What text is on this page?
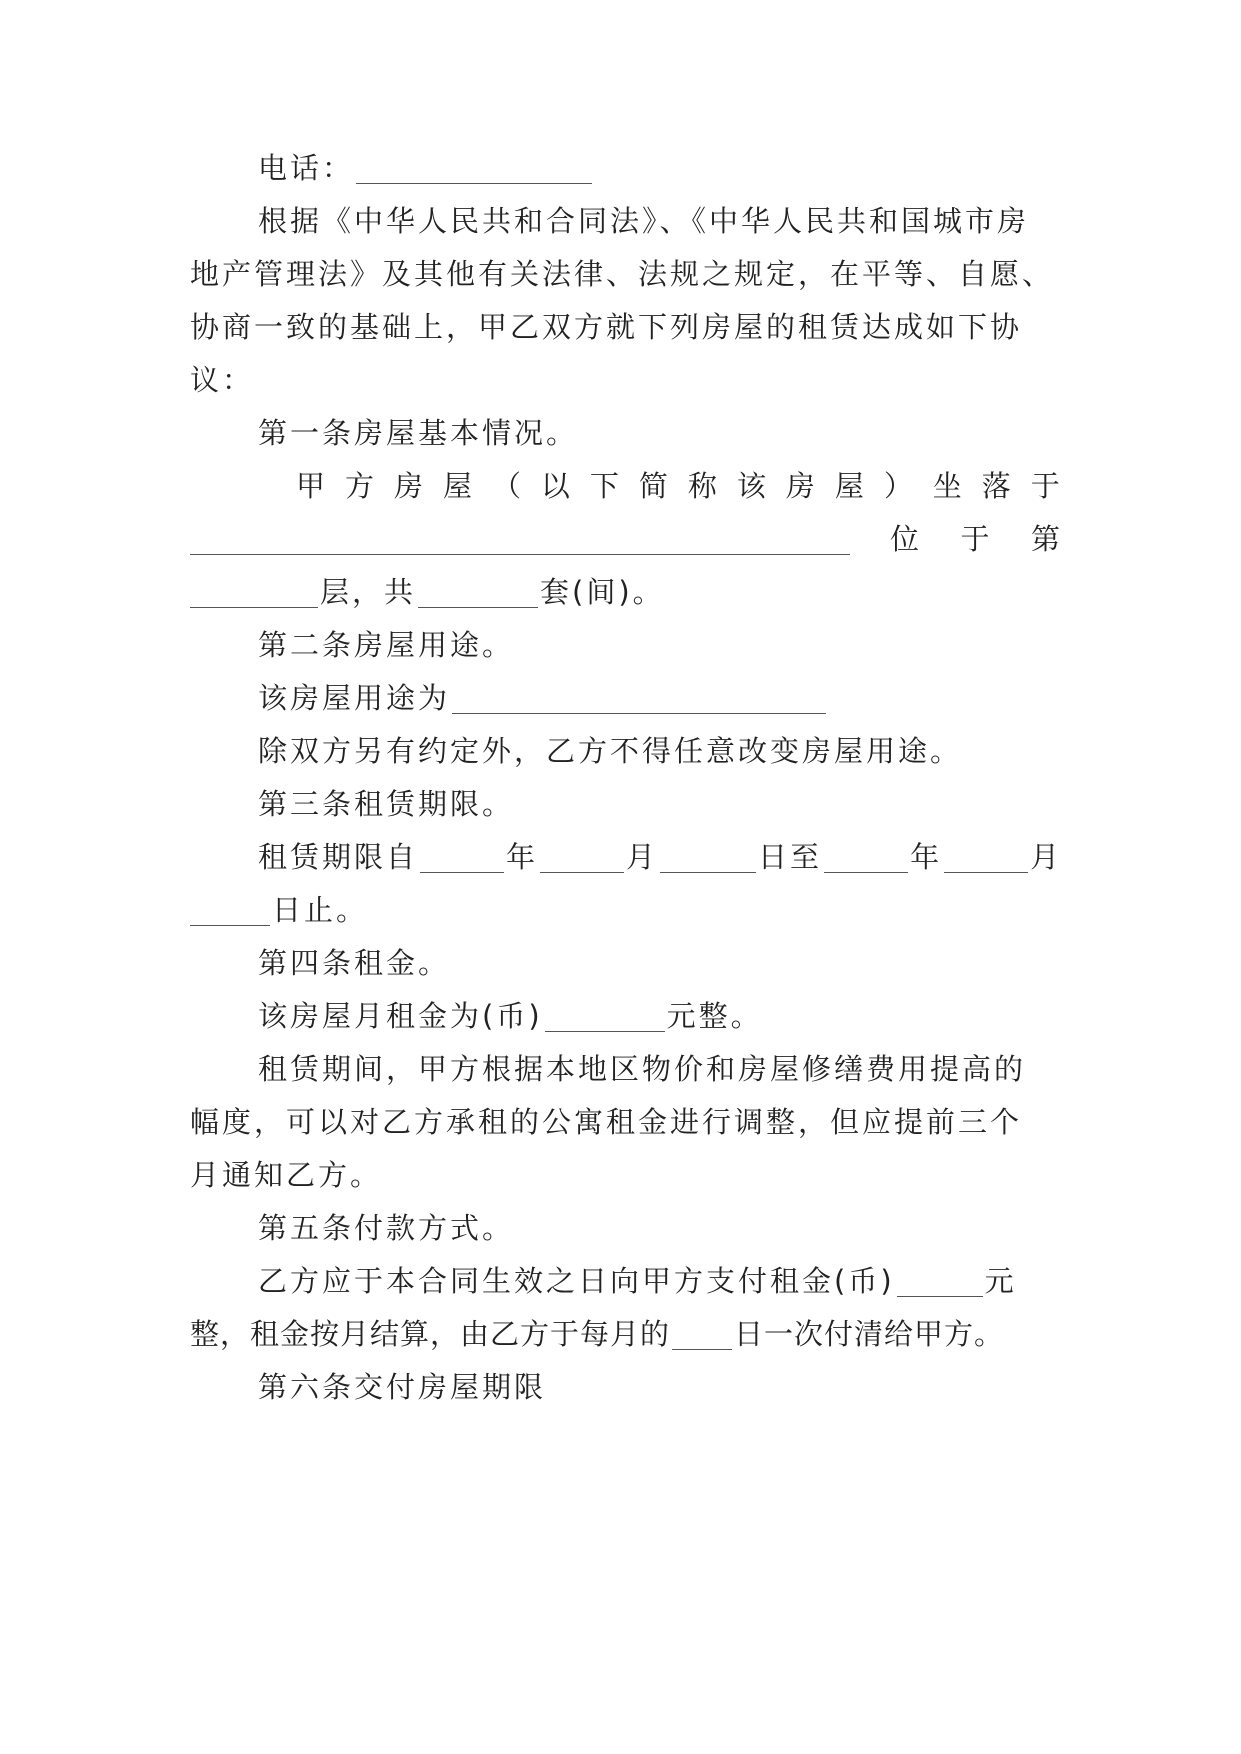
电话：
根据《中华人民共和合同法》、《中华人民共和国城市房
地产管理法》及其他有关法律、法规之规定，在平等、自愿、
协商一致的基础上，甲乙双方就下列房屋的租赁达成如下协
议：
第一条房屋基本情况。
甲 方 房 屋 （ 以 下 简 称 该 房 屋 ） 坐 落 于
位 于 第
层，共	套(间)。
第二条房屋用途。
该房屋用途为
除双方另有约定外，乙方不得任意改变房屋用途。
第三条租赁期限。
租赁期限自	年	月	日至	年	月
日止。
第四条租金。
该房屋月租金为(币)	元整。
租赁期间，甲方根据本地区物价和房屋修缮费用提高的
幅度，可以对乙方承租的公寓租金进行调整，但应提前三个
月通知乙方。
第五条付款方式。
乙方应于本合同生效之日向甲方支付租金(币)	元
整，租金按月结算，由乙方于每月的 日一次付清给甲方。
第六条交付房屋期限
